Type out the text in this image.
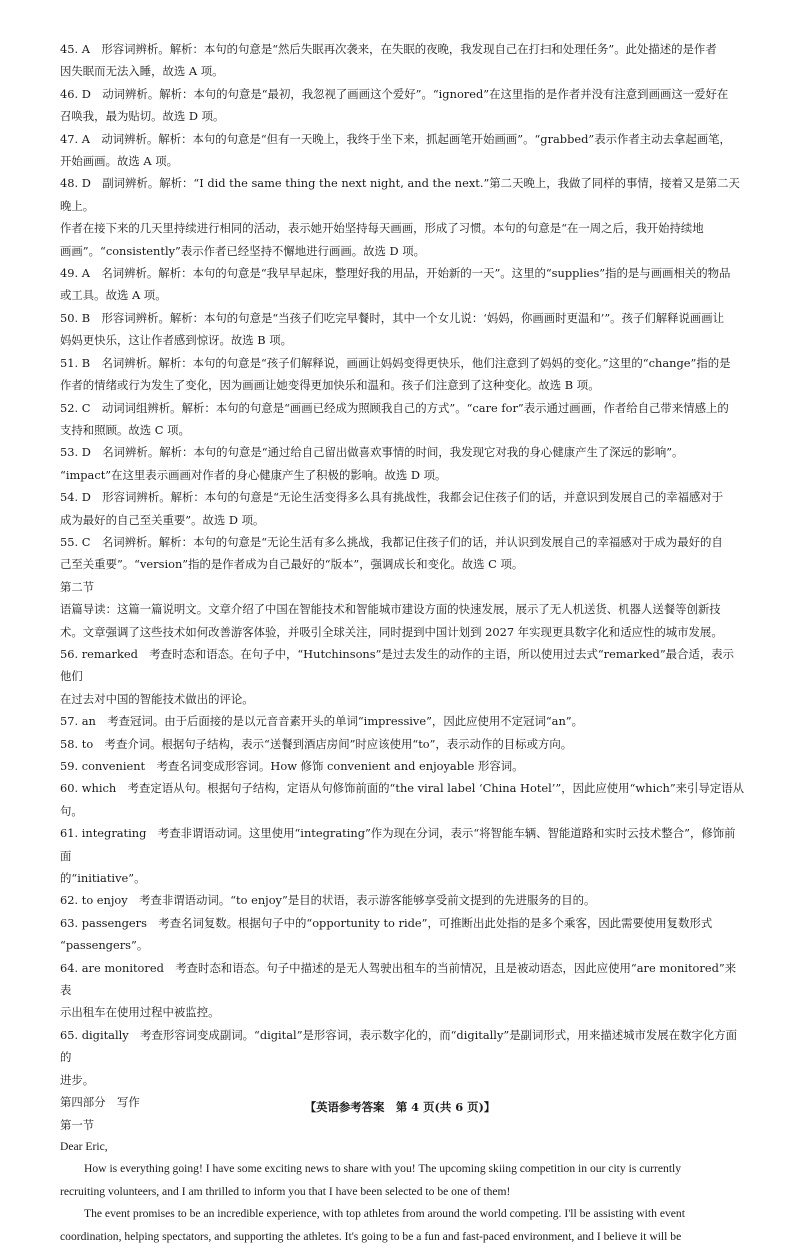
45. A　形容词辨析。解析：本句的句意是“然后失眠再次袭来，在失眠的夜晚，我发现自己在打扫和处理任务”。此处描述的是作者
因失眠而无法入睡，故选 A 项。
46. D　动词辨析。解析：本句的句意是“最初，我忽视了画画这个爱好”。“ignored”在这里指的是作者并没有注意到画画这一爱好在
召唤我，最为贴切。故选 D 项。
47. A　动词辨析。解析：本句的句意是“但有一天晚上，我终于坐下来，抓起画笔开始画画”。“grabbed”表示作者主动去拿起画笔，
开始画画。故选 A 项。
48. D　副词辨析。解析：“I did the same thing the next night, and the next.”第二天晚上，我做了同样的事情，接着又是第二天晚上。
作者在接下来的几天里持续进行相同的活动，表示她开始坚持每天画画，形成了习惯。本句的句意是“在一周之后，我开始持续地
画画”。“consistently”表示作者已经坚持不懈地进行画画。故选 D 项。
49. A　名词辨析。解析：本句的句意是“我早早起床，整理好我的用品，开始新的一天”。这里的“supplies”指的是与画画相关的物品
或工具。故选 A 项。
50. B　形容词辨析。解析：本句的句意是“当孩子们吃完早餐时，其中一个女儿说：‘妈妈，你画画时更温和’”。孩子们解释说画画让
妈妈更快乐，这让作者感到惊讶。故选 B 项。
51. B　名词辨析。解析：本句的句意是“孩子们解释说，画画让妈妈变得更快乐，他们注意到了妈妈的变化。”这里的“change”指的是
作者的情绪或行为发生了变化，因为画画让她变得更加快乐和温和。孩子们注意到了这种变化。故选 B 项。
52. C　动词词组辨析。解析：本句的句意是“画画已经成为照顾我自己的方式”。“care for”表示通过画画，作者给自己带来情感上的
支持和照顾。故选 C 项。
53. D　名词辨析。解析：本句的句意是“通过给自己留出做喜欢事情的时间，我发现它对我的身心健康产生了深远的影响”。
“impact”在这里表示画画对作者的身心健康产生了积极的影响。故选 D 项。
54. D　形容词辨析。解析：本句的句意是“无论生活变得多么具有挑战性，我都会记住孩子们的话，并意识到发展自己的幸福感对于
成为最好的自己至关重要”。故选 D 项。
55. C　名词辨析。解析：本句的句意是“无论生活有多么挑战，我都记住孩子们的话，并认识到发展自己的幸福感对于成为最好的自
己至关重要”。“version”指的是作者成为自己最好的“版本”，强调成长和变化。故选 C 项。
第二节
语篇导读：这篇一篇说明文。文章介绍了中国在智能技术和智能城市建设方面的快速发展，展示了无人机送货、机器人送餐等创新技
术。文章强调了这些技术如何改善游客体验，并吸引全球关注，同时提到中国计划到 2027 年实现更具数字化和适应性的城市发展。
56. remarked　考查时态和语态。在句子中，“Hutchinsons”是过去发生的动作的主语，所以使用过去式“remarked”最合适，表示他们
在过去对中国的智能技术做出的评论。
57. an　考查冠词。由于后面接的是以元音音素开头的单词“impressive”，因此应使用不定冠词“an”。
58. to　考查介词。根据句子结构，表示“送餐到酒店房间”时应该使用“to”，表示动作的目标或方向。
59. convenient　考查名词变成形容词。How 修饰 convenient and enjoyable 形容词。
60. which　考查定语从句。根据句子结构，定语从句修饰前面的“the viral label ‘China Hotel’”，因此应使用“which”来引导定语从
句。
61. integrating　考查非谓语动词。这里使用“integrating”作为现在分词，表示“将智能车辆、智能道路和实时云技术整合”，修饰前面
的“initiative”。
62. to enjoy　考查非谓语动词。“to enjoy”是目的状语，表示游客能够享受前文提到的先进服务的目的。
63. passengers　考查名词复数。根据句子中的“opportunity to ride”，可推断出此处指的是多个乘客，因此需要使用复数形式
“passengers”。
64. are monitored　考查时态和语态。句子中描述的是无人驾驶出租车的当前情况，且是被动语态，因此应使用“are monitored”来表
示出租车在使用过程中被监控。
65. digitally　考查形容词变成副词。“digital”是形容词，表示数字化的，而“digitally”是副词形式，用来描述城市发展在数字化方面的
进步。
第四部分　写作
第一节
Dear Eric,
How is everything going! I have some exciting news to share with you! The upcoming skiing competition in our city is currently
recruiting volunteers, and I am thrilled to inform you that I have been selected to be one of them!
The event promises to be an incredible experience, with top athletes from around the world competing. I'll be assisting with event
coordination, helping spectators, and supporting the athletes. It's going to be a fun and fast-paced environment, and I believe it will be
【英语参考答案　第 4 页(共 6 页)】
